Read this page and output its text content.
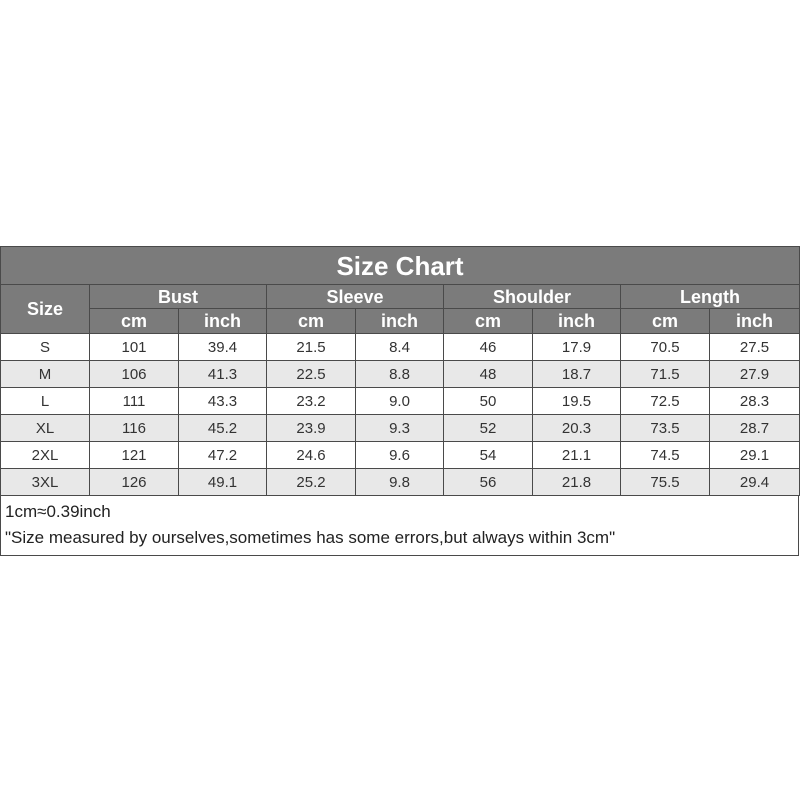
Size Chart								
Size	Bust		Sleeve		Shoulder		Length	
	cm	inch	cm	inch	cm	inch	cm	inch
S	101	39.4	21.5	8.4	46	17.9	70.5	27.5
M	106	41.3	22.5	8.8	48	18.7	71.5	27.9
L	111	43.3	23.2	9.0	50	19.5	72.5	28.3
XL	116	45.2	23.9	9.3	52	20.3	73.5	28.7
2XL	121	47.2	24.6	9.6	54	21.1	74.5	29.1
3XL	126	49.1	25.2	9.8	56	21.8	75.5	29.4
1cm≈0.39inch
"Size measured by ourselves,sometimes has some errors,but always within 3cm"
